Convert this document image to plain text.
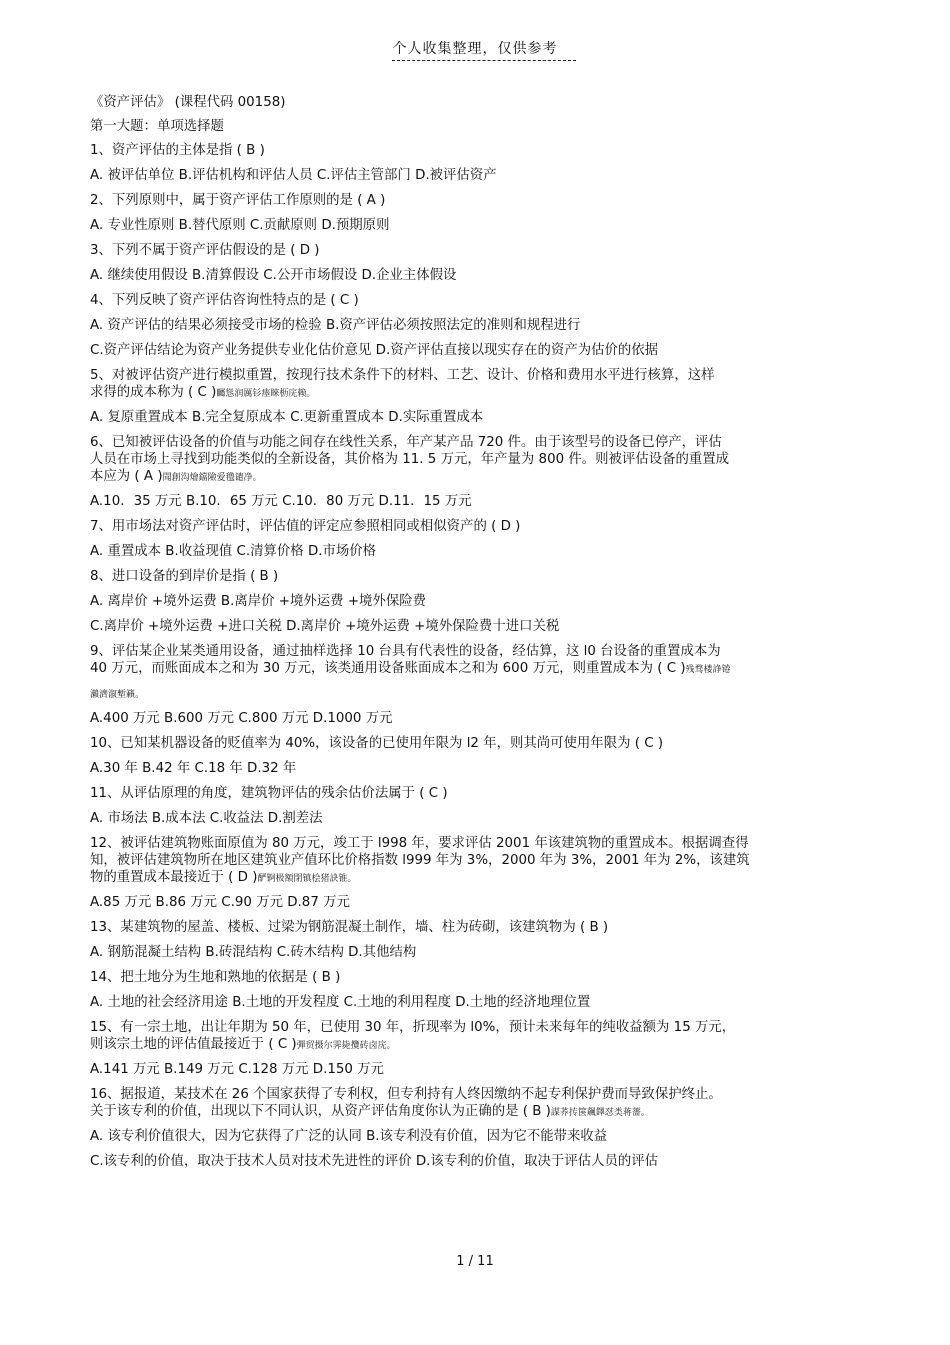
个人收集整理，仅供参考
《资产评估》 (课程代码 00158)
第一大题：单项选择题
1、资产评估的主体是指 ( B )
A. 被评估单位 B.评估机构和评估人员 C.评估主管部门 D.被评估资产
2、下列原则中，属于资产评估工作原则的是 ( A )
A. 专业性原则 B.替代原则 C.贡献原则 D.预期原则
3、下列不属于资产评估假设的是 ( D )
A. 继续使用假设 B.清算假设 C.公开市场假设 D.企业主体假设
4、下列反映了资产评估咨询性特点的是 ( C )
A. 资产评估的结果必须接受市场的检验 B.资产评估必须按照法定的准则和规程进行
C.资产评估结论为资产业务提供专业化估价意见 D.资产评估直接以现实存在的资产为估价的依据
5、对被评估资产进行模拟重置，按现行技术条件下的材料、工艺、设计、价格和费用水平进行核算，这样
求得的成本称为 ( C )矚慫润厲钐瘗睞枥庑赖。
A. 复原重置成本 B.完全复原成本 C.更新重置成本 D.实际重置成本
6、已知被评估设备的价值与功能之间存在线性关系，年产某产品 720 件。由于该型号的设备已停产，评估
人员在市场上寻找到功能类似的全新设备，其价格为 11. 5 万元，年产量为 800 件。则被评估设备的重置成
本应为 ( A )聞創沟燴鐺險爱氇谴净。
A.10．35 万元 B.10．65 万元 C.10．80 万元 D.11．15 万元
7、用市场法对资产评估时，评估值的评定应参照相同或相似资产的 ( D )
A. 重置成本 B.收益现值 C.清算价格 D.市场价格
8、进口设备的到岸价是指 ( B )
A. 离岸价 +境外运费 B.离岸价 +境外运费 +境外保险费
C.离岸价 +境外运费 +进口关税 D.离岸价 +境外运费 +境外保险费十进口关税
9、评估某企业某类通用设备，通过抽样选择 10 台具有代表性的设备，经估算，这 l0 台设备的重置成本为
40 万元，而账面成本之和为 30 万元，该类通用设备账面成本之和为 600 万元，则重置成本为 ( C )残骛楼諍锩
瀨濟溆塹籟。
A.400 万元 B.600 万元 C.800 万元 D.1000 万元
10、已知某机器设备的贬值率为 40%，该设备的已使用年限为 l2 年，则其尚可使用年限为 ( C )
A.30 年 B.42 年 C.18 年 D.32 年
11、从评估原理的角度，建筑物评估的残余估价法属于 ( C )
A. 市场法 B.成本法 C.收益法 D.割差法
12、被评估建筑物账面原值为 80 万元，竣工于 l998 年，要求评估 2001 年该建筑物的重置成本。根据调查得
知，被评估建筑物所在地区建筑业产值环比价格指数 l999 年为 3%，2000 年为 3%，2001 年为 2%，该建筑
物的重置成本最接近于 ( D )酽锕极額閉镇桧猪訣锥。
A.85 万元 B.86 万元 C.90 万元 D.87 万元
13、某建筑物的屋盖、楼板、过梁为钢筋混凝土制作，墙、柱为砖砌，该建筑物为 ( B )
A. 钢筋混凝土结构 B.砖混结构 C.砖木结构 D.其他结构
14、把土地分为生地和熟地的依据是 ( B )
A. 土地的社会经济用途 B.土地的开发程度 C.土地的利用程度 D.土地的经济地理位置
15、有一宗土地，出让年期为 50 年，已使用 30 年，折现率为 l0%，预计未来每年的纯收益额为 15 万元，
则该宗土地的评估值最接近于 ( C )彈贸摄尔霁毙攬砖卤庑。
A.141 万元 B.149 万元 C.128 万元 D.150 万元
16、据报道，某技术在 26 个国家获得了专利权，但专利持有人终因缴纳不起专利保护费而导致保护终止。
关于该专利的价值，出现以下不同认识，从资产评估角度你认为正确的是 ( B )謀荞抟箧飆鐸怼类蒋薔。
A. 该专利价值很大，因为它获得了广泛的认同 B.该专利没有价值，因为它不能带来收益
C.该专利的价值，取决于技术人员对技术先进性的评价 D.该专利的价值，取决于评估人员的评估
1 / 11
